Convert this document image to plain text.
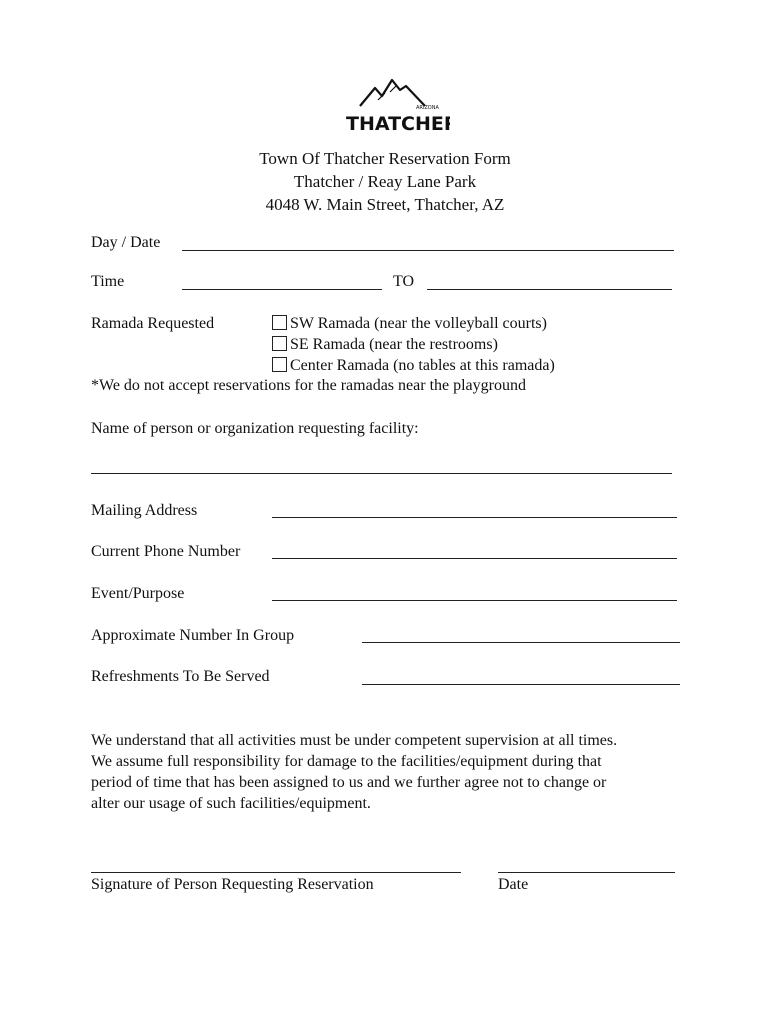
ARIZONA
THATCHER
Town Of Thatcher Reservation Form
Thatcher / Reay Lane Park
4048 W. Main Street, Thatcher, AZ
Day / Date
Time	TO
Ramada Requested	SW Ramada (near the volleyball courts)
SE Ramada (near the restrooms)
Center Ramada (no tables at this ramada)
*We do not accept reservations for the ramadas near the playground
Name of person or organization requesting facility:
Mailing Address
Current Phone Number
Event/Purpose
Approximate Number In Group
Refreshments To Be Served
We understand that all activities must be under competent supervision at all times.
We assume full responsibility for damage to the facilities/equipment during that
period of time that has been assigned to us and we further agree not to change or
alter our usage of such facilities/equipment.
Signature of Person Requesting Reservation	Date
